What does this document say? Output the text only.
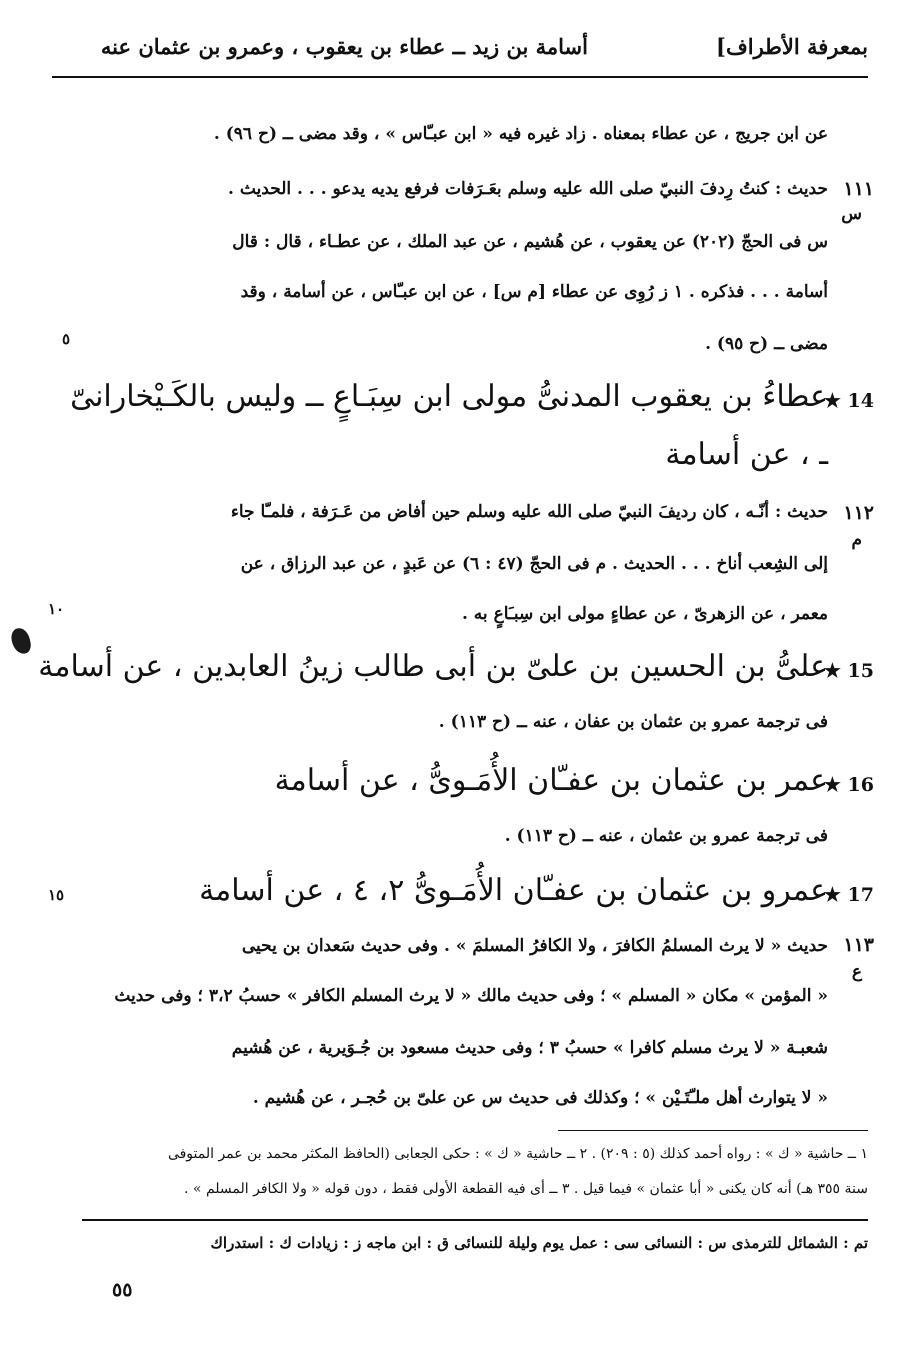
بمعرفة الأطراف]
أسامة بن زيد ــ عطاء بن يعقوب ، وعمرو بن عثمان عنه
عن ابن جريج ، عن عطاء بمعناه . زاد غيره فيه « ابن عبـّاس » ، وقد مضى ــ (ح ٩٦) .
١١١
س
حديث : كنتُ رِدفَ النبيّ صلى الله عليه وسلم بعَـرَفات فرفع يديه يدعو . . . الحديث .
س فى الحجّ (٢٠٢) عن يعقوب ، عن هُشيم ، عن عبد الملك ، عن عطـاء ، قال : قال
أسامة . . . فذكره . ١ ز رُوِى عن عطاء [م س] ، عن ابن عبـّاس ، عن أسامة ، وقد
مضى ــ (ح ٩٥) .
٥
★ 14
عطاءُ بن يعقوب المدنىُّ مولى ابن سِبَـاعٍ ــ وليس بالكَـيْخارانىّ
ـ ، عن أسامة
١١٢
م
حديث : أنّـه ، كان رديفَ النبيّ صلى الله عليه وسلم حين أفاض من عَـرَفة ، فلمـّا جاء
إلى الشِعب أناخ . . . الحديث . م فى الحجّ (٤٧ : ٦) عن عَبدٍ ، عن عبد الرزاق ، عن
معمر ، عن الزهرىّ ، عن عطاءٍ مولى ابن سِبـَاعٍ به .
١٠
★ 15
علىُّ بن الحسين بن علىّ بن أبى طالب زينُ العابدين ، عن أسامة
فى ترجمة عمرو بن عثمان بن عفان ، عنه ــ (ح ١١٣) .
★ 16
عمر بن عثمان بن عفـّان الأُمَـوىُّ ، عن أسامة
فى ترجمة عمرو بن عثمان ، عنه ــ (ح ١١٣) .
★ 17
عمرو بن عثمان بن عفـّان الأُمَـوىُّ ٢، ٤ ، عن أسامة
١٥
١١٣
ع
حديث « لا يرث المسلمُ الكافرَ ، ولا الكافرُ المسلمَ » . وفى حديث سَعدان بن يحيى
« المؤمن » مكان « المسلم » ؛ وفى حديث مالك « لا يرث المسلم الكافر » حسبُ ٣،٢ ؛ وفى حديث
شعبـة « لا يرث مسلم كافرا » حسبُ ٣ ؛ وفى حديث مسعود بن جُـوَيرية ، عن هُشيم
« لا يتوارث أهل ملـّتَـيْن » ؛ وكذلك فى حديث س عن علىّ بن حُجـر ، عن هُشيم .
١ ــ حاشية « ك » : رواه أحمد كذلك (٥ : ٢٠٩) . ٢ ــ حاشية « ك » : حكى الجعابى (الحافظ المكثر محمد بن عمر المتوفى
سنة ٣٥٥ هـ) أنه كان يكنى « أبا عثمان » فيما قيل . ٣ ــ أى فيه القطعة الأولى فقط ، دون قوله « ولا الكافر المسلم » .
تم : الشمائل للترمذى س : النسائى سى : عمل يوم وليلة للنسائى ق : ابن ماجه ز : زيادات ك : استدراك
٥٥
